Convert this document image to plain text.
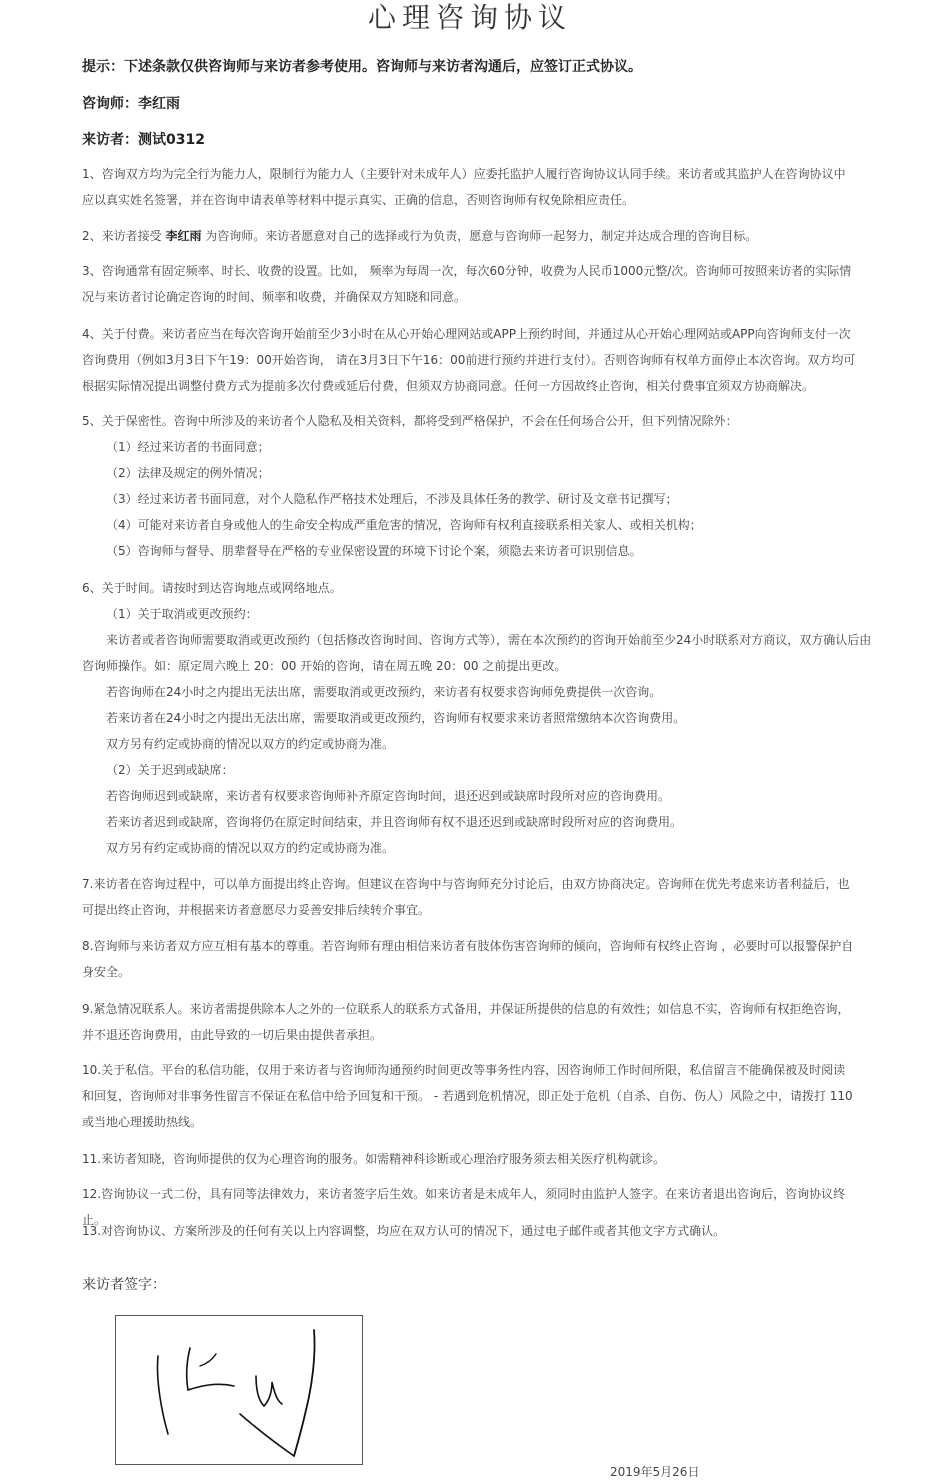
心理咨询协议
提示：下述条款仅供咨询师与来访者参考使用。咨询师与来访者沟通后，应签订正式协议。
咨询师：李红雨
来访者：测试0312
1、咨询双方均为完全行为能力人，限制行为能力人（主要针对未成年人）应委托监护人履行咨询协议认同手续。来访者或其监护人在咨询协议中应以真实姓名签署，并在咨询申请表单等材料中提示真实、正确的信息，否则咨询师有权免除相应责任。
2、来访者接受 李红雨 为咨询师。来访者愿意对自己的选择或行为负责，愿意与咨询师一起努力，制定并达成合理的咨询目标。
3、咨询通常有固定频率、时长、收费的设置。比如， 频率为每周一次，每次60分钟，收费为人民币1000元整/次。咨询师可按照来访者的实际情况与来访者讨论确定咨询的时间、频率和收费，并确保双方知晓和同意。
4、关于付费。来访者应当在每次咨询开始前至少3小时在从心开始心理网站或APP上预约时间，并通过从心开始心理网站或APP向咨询师支付一次咨询费用（例如3月3日下午19：00开始咨询， 请在3月3日下午16：00前进行预约并进行支付）。否则咨询师有权单方面停止本次咨询。双方均可根据实际情况提出调整付费方式为提前多次付费或延后付费，但须双方协商同意。任何一方因故终止咨询，相关付费事宜须双方协商解决。
5、关于保密性。咨询中所涉及的来访者个人隐私及相关资料，都将受到严格保护，不会在任何场合公开，但下列情况除外：
（1）经过来访者的书面同意；
（2）法律及规定的例外情况；
（3）经过来访者书面同意，对个人隐私作严格技术处理后，不涉及具体任务的教学、研讨及文章书记撰写；
（4）可能对来访者自身或他人的生命安全构成严重危害的情况，咨询师有权利直接联系相关家人、或相关机构；
（5）咨询师与督导、朋辈督导在严格的专业保密设置的环境下讨论个案，须隐去来访者可识别信息。
6、关于时间。请按时到达咨询地点或网络地点。
（1）关于取消或更改预约：
来访者或者咨询师需要取消或更改预约（包括修改咨询时间、咨询方式等），需在本次预约的咨询开始前至少24小时联系对方商议，双方确认后由
咨询师操作。如：原定周六晚上 20：00 开始的咨询，请在周五晚 20：00 之前提出更改。
若咨询师在24小时之内提出无法出席，需要取消或更改预约，来访者有权要求咨询师免费提供一次咨询。
若来访者在24小时之内提出无法出席，需要取消或更改预约，咨询师有权要求来访者照常缴纳本次咨询费用。
双方另有约定或协商的情况以双方的约定或协商为准。
（2）关于迟到或缺席：
若咨询师迟到或缺席，来访者有权要求咨询师补齐原定咨询时间，退还迟到或缺席时段所对应的咨询费用。
若来访者迟到或缺席，咨询将仍在原定时间结束，并且咨询师有权不退还迟到或缺席时段所对应的咨询费用。
双方另有约定或协商的情况以双方的约定或协商为准。
7.来访者在咨询过程中，可以单方面提出终止咨询。但建议在咨询中与咨询师充分讨论后，由双方协商决定。咨询师在优先考虑来访者利益后，也可提出终止咨询，并根据来访者意愿尽力妥善安排后续转介事宜。
8.咨询师与来访者双方应互相有基本的尊重。若咨询师有理由相信来访者有肢体伤害咨询师的倾向，咨询师有权终止咨询 ，必要时可以报警保护自身安全。
9.紧急情况联系人。来访者需提供除本人之外的一位联系人的联系方式备用，并保证所提供的信息的有效性；如信息不实，咨询师有权拒绝咨询，并不退还咨询费用，由此导致的一切后果由提供者承担。
10.关于私信。平台的私信功能，仅用于来访者与咨询师沟通预约时间更改等事务性内容，因咨询师工作时间所限，私信留言不能确保被及时阅读和回复，咨询师对非事务性留言不保证在私信中给予回复和干预。 - 若遇到危机情况，即正处于危机（自杀、自伤、伤人）风险之中，请拨打 110 或当地心理援助热线。
11.来访者知晓，咨询师提供的仅为心理咨询的服务。如需精神科诊断或心理治疗服务须去相关医疗机构就诊。
12.咨询协议一式二份，具有同等法律效力，来访者签字后生效。如来访者是未成年人，须同时由监护人签字。在来访者退出咨询后，咨询协议终止。
13.对咨询协议、方案所涉及的任何有关以上内容调整，均应在双方认可的情况下，通过电子邮件或者其他文字方式确认。
来访者签字：
2019年5月26日
